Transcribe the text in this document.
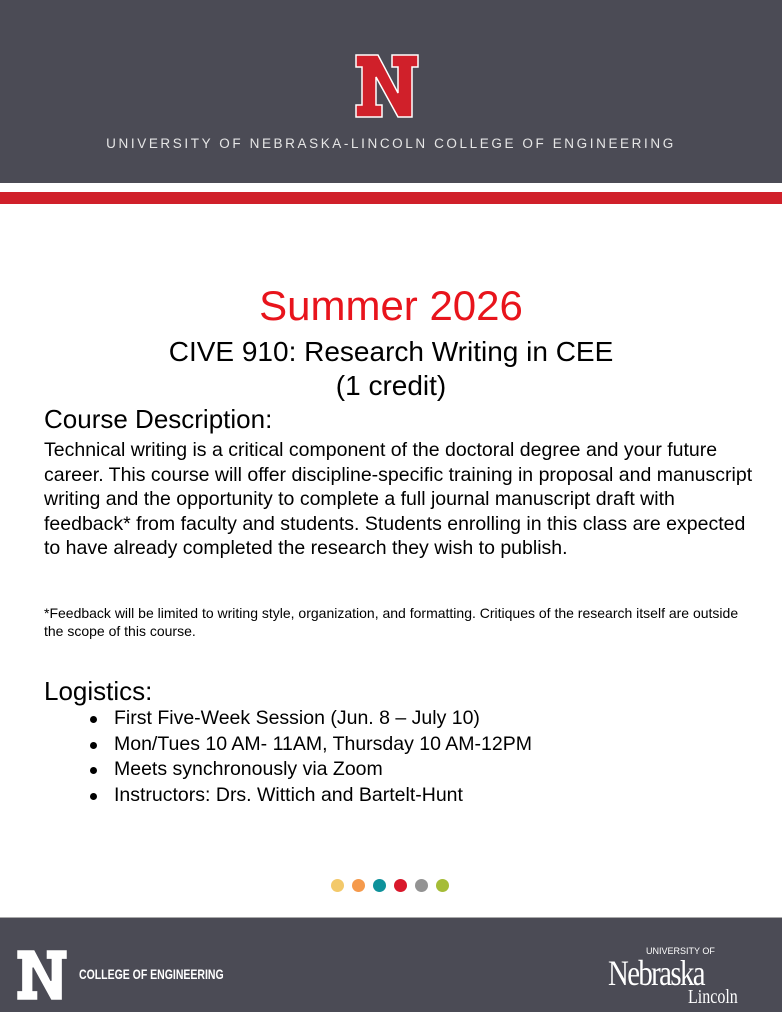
UNIVERSITY OF NEBRASKA-LINCOLN COLLEGE OF ENGINEERING
Summer 2026
CIVE 910: Research Writing in CEE
(1 credit)
Course Description:

Technical writing is a critical component of the doctoral degree and your future career. This course will offer discipline-specific training in proposal and manuscript writing and the opportunity to complete a full journal manuscript draft with feedback* from faculty and students. Students enrolling in this class are expected to have already completed the research they wish to publish.

*Feedback will be limited to writing style, organization, and formatting. Critiques of the research itself are outside the scope of this course.

Logistics:
First Five-Week Session (Jun. 8 – July 10)
Mon/Tues 10 AM- 11AM, Thursday 10 AM-12PM
Meets synchronously via Zoom
Instructors: Drs. Wittich and Bartelt-Hunt
COLLEGE OF ENGINEERING
UNIVERSITY OF
Nebraska
Lincoln
